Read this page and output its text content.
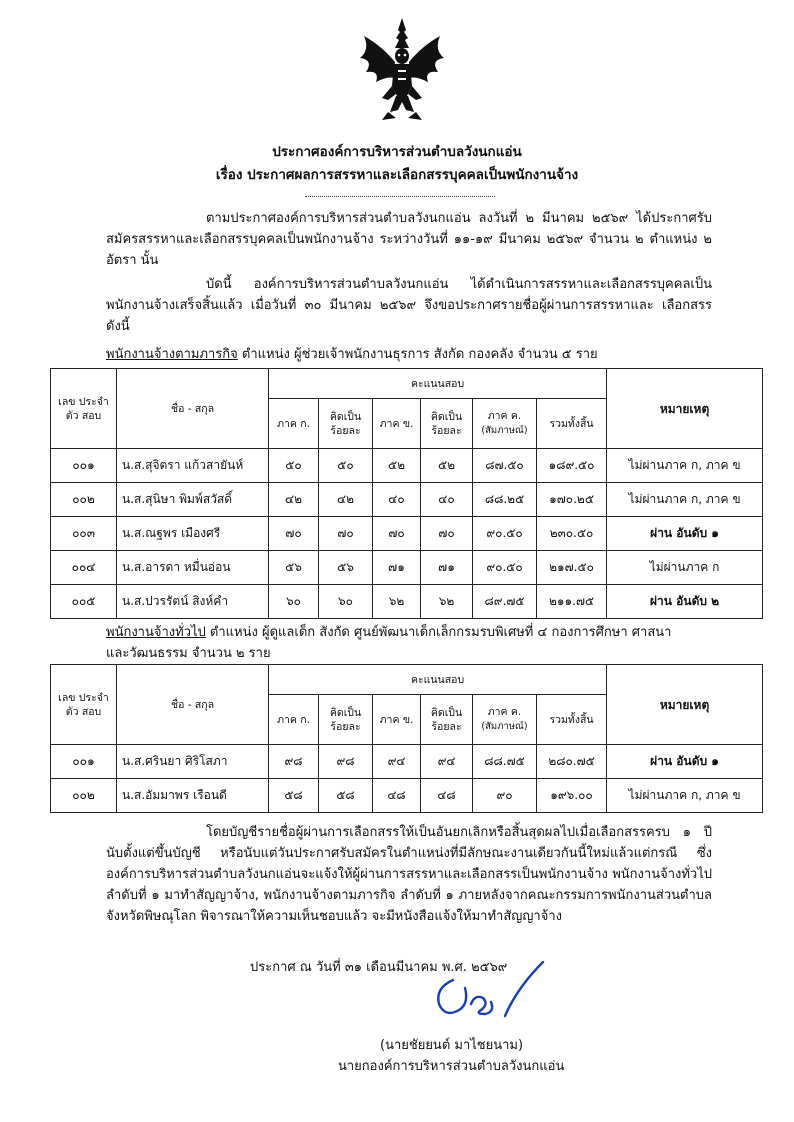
ประกาศองค์การบริหารส่วนตำบลวังนกแอ่น
เรื่อง ประกาศผลการสรรหาและเลือกสรรบุคคลเป็นพนักงานจ้าง
ตามประกาศองค์การบริหารส่วนตำบลวังนกแอ่น ลงวันที่ ๒ มีนาคม ๒๕๖๙ ได้ประกาศรับสมัครสรรหาและเลือกสรรบุคคลเป็นพนักงานจ้าง ระหว่างวันที่ ๑๑-๑๙ มีนาคม ๒๕๖๙ จำนวน ๒ ตำแหน่ง ๒ อัตรา นั้น
บัดนี้ องค์การบริหารส่วนตำบลวังนกแอ่น ได้ดำเนินการสรรหาและเลือกสรรบุคคลเป็น พนักงานจ้างเสร็จสิ้นแล้ว เมื่อวันที่ ๓๐ มีนาคม ๒๕๖๙ จึงขอประกาศรายชื่อผู้ผ่านการสรรหาและ เลือกสรร ดังนี้
พนักงานจ้างตามภารกิจ ตำแหน่ง ผู้ช่วยเจ้าพนักงานธุรการ สังกัด กองคลัง จำนวน ๕ ราย
เลข ประจำตัว สอบ	ชื่อ - สกุล	คะแนนสอบ						หมายเหตุ
		ภาค ก.	คิดเป็น ร้อยละ	ภาค ข.	คิดเป็น ร้อยละ	ภาค ค.
(สัมภาษณ์)	รวมทั้งสิ้น	
๐๐๑	น.ส.สุจิตรา แก้วสายันห์	๕๐	๕๐	๕๒	๕๒	๘๗.๕๐	๑๘๙.๕๐	ไม่ผ่านภาค ก, ภาค ข
๐๐๒	น.ส.สุนิษา พิมพ์สวัสดิ์	๔๒	๔๒	๔๐	๔๐	๘๘.๒๕	๑๗๐.๒๕	ไม่ผ่านภาค ก, ภาค ข
๐๐๓	น.ส.ณฐพร เมืองศรี	๗๐	๗๐	๗๐	๗๐	๙๐.๕๐	๒๓๐.๕๐	ผ่าน อันดับ ๑
๐๐๔	น.ส.อารดา หมื่นอ่อน	๕๖	๕๖	๗๑	๗๑	๙๐.๕๐	๒๑๗.๕๐	ไม่ผ่านภาค ก
๐๐๕	น.ส.ปวรรัตน์ สิงห์คำ	๖๐	๖๐	๖๒	๖๒	๘๙.๗๕	๒๑๑.๗๕	ผ่าน อันดับ ๒
พนักงานจ้างทั่วไป ตำแหน่ง ผู้ดูแลเด็ก สังกัด ศูนย์พัฒนาเด็กเล็กกรมรบพิเศษที่ ๔ กองการศึกษา ศาสนา
และวัฒนธรรม จำนวน ๒ ราย
เลข ประจำตัว สอบ	ชื่อ - สกุล	คะแนนสอบ						หมายเหตุ
		ภาค ก.	คิดเป็น ร้อยละ	ภาค ข.	คิดเป็น ร้อยละ	ภาค ค.
(สัมภาษณ์)	รวมทั้งสิ้น	
๐๐๑	น.ส.ศรินยา ศิริโสภา	๙๘	๙๘	๙๔	๙๔	๘๘.๗๕	๒๘๐.๗๕	ผ่าน อันดับ ๑
๐๐๒	น.ส.อัมมาพร เรือนดี	๕๘	๕๘	๔๘	๔๘	๙๐	๑๙๖.๐๐	ไม่ผ่านภาค ก, ภาค ข
โดยบัญชีรายชื่อผู้ผ่านการเลือกสรรให้เป็นอันยกเลิกหรือสิ้นสุดผลไปเมื่อเลือกสรรครบ ๑ ปี นับตั้งแต่ขึ้นบัญชี หรือนับแต่วันประกาศรับสมัครในตำแหน่งที่มีลักษณะงานเดียวกันนี้ใหม่แล้วแต่กรณี ซึ่ง องค์การบริหารส่วนตำบลวังนกแอ่นจะแจ้งให้ผู้ผ่านการสรรหาและเลือกสรรเป็นพนักงานจ้าง พนักงานจ้างทั่วไป ลำดับที่ ๑ มาทำสัญญาจ้าง, พนักงานจ้างตามภารกิจ ลำดับที่ ๑ ภายหลังจากคณะกรรมการพนักงานส่วนตำบล จังหวัดพิษณุโลก พิจารณาให้ความเห็นชอบแล้ว จะมีหนังสือแจ้งให้มาทำสัญญาจ้าง
ประกาศ ณ วันที่ ๓๑ เดือนมีนาคม พ.ศ. ๒๕๖๙
(นายชัยยนต์ มาไชยนาม)
นายกองค์การบริหารส่วนตำบลวังนกแอ่น
